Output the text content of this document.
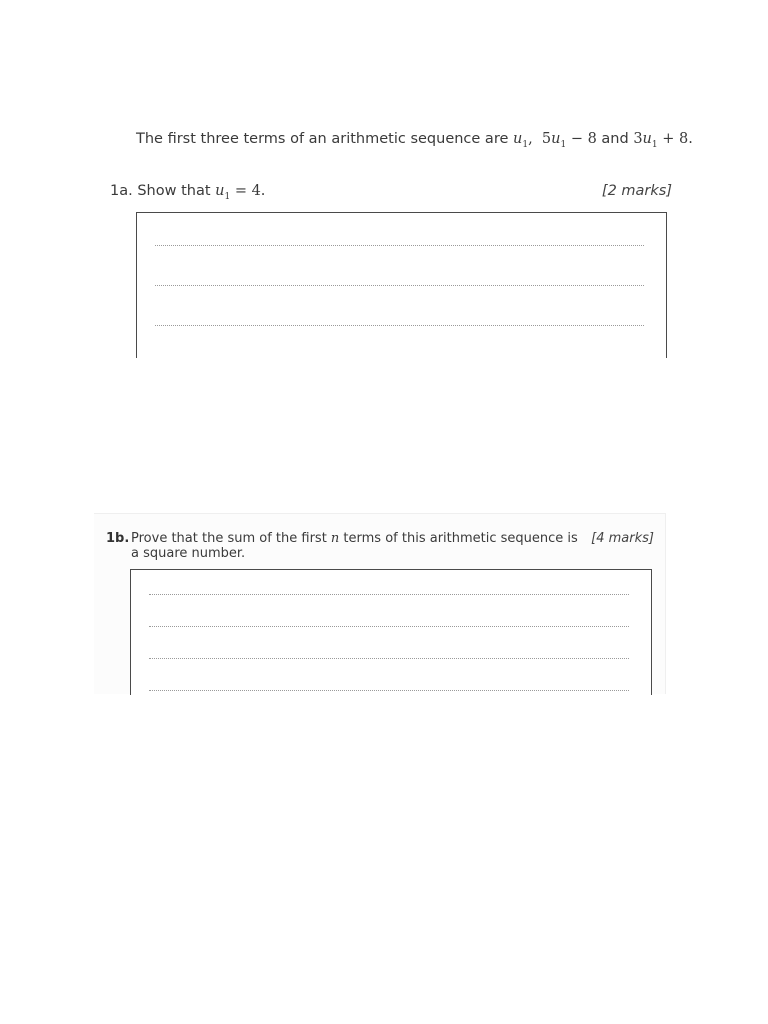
The first three terms of an arithmetic sequence are $u_1$, $5u_1 - 8$ and $3u_1 + 8$.
1a. Show that $u_1 = 4$.	[2 marks]
1b. Prove that the sum of the first n terms of this arithmetic sequence is a square number.
[4 marks]
